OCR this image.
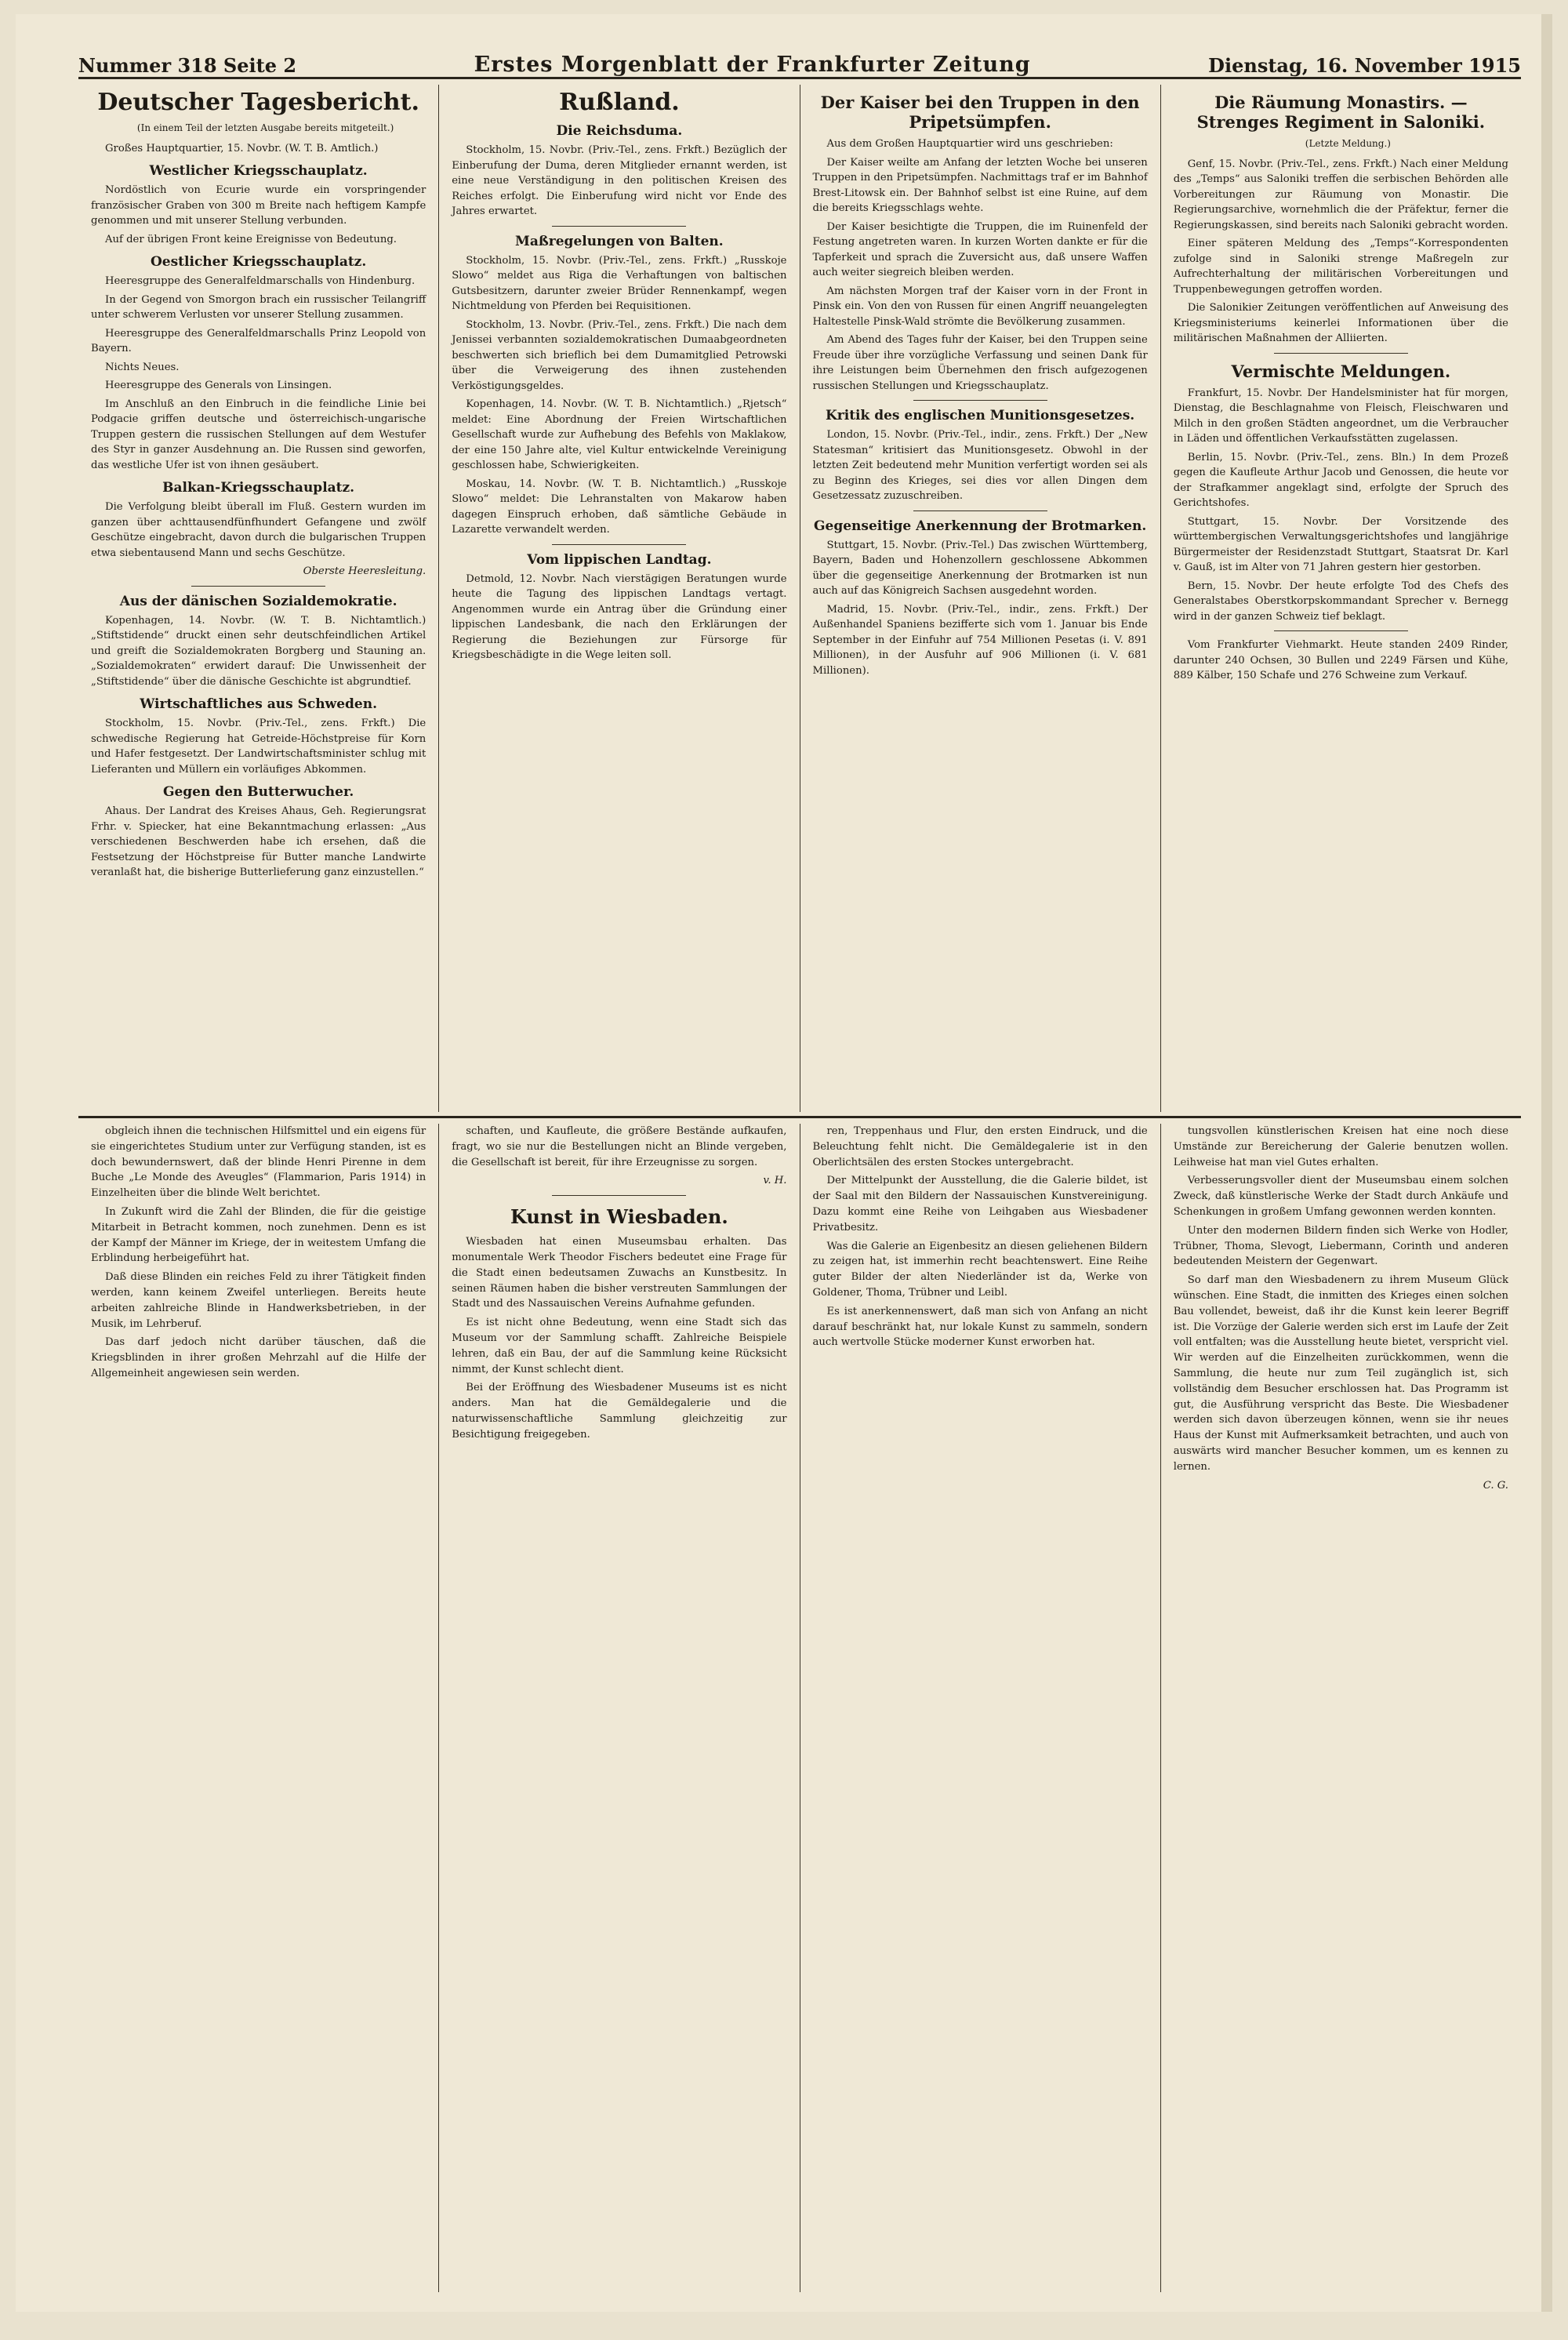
Nummer 318 Seite 2	Erstes Morgenblatt der Frankfurter Zeitung	Dienstag, 16. November 1915
Deutscher Tagesbericht.

(In einem Teil der letzten Ausgabe bereits mitgeteilt.)

Großes Hauptquartier, 15. Novbr. (W. T. B. Amtlich.)

Westlicher Kriegsschauplatz.

Nordöstlich von Ecurie wurde ein vorspringender französischer Graben von 300 m Breite nach heftigem Kampfe genommen und mit unserer Stellung verbunden.

Auf der übrigen Front keine Ereignisse von Bedeutung.

Oestlicher Kriegsschauplatz.

Heeresgruppe des Generalfeldmarschalls von Hindenburg.

In der Gegend von Smorgon brach ein russischer Teilangriff unter schwerem Verlusten vor unserer Stellung zusammen.

Heeresgruppe des Generalfeldmarschalls Prinz Leopold von Bayern.

Nichts Neues.

Heeresgruppe des Generals von Linsingen.

Im Anschluß an den Einbruch in die feindliche Linie bei Podgacie griffen deutsche und österreichisch-ungarische Truppen gestern die russischen Stellungen auf dem Westufer des Styr in ganzer Ausdehnung an. Die Russen sind geworfen, das westliche Ufer ist von ihnen gesäubert.

Balkan-Kriegsschauplatz.

Die Verfolgung bleibt überall im Fluß. Gestern wurden im ganzen über achttausendfünfhundert Gefangene und zwölf Geschütze eingebracht, davon durch die bulgarischen Truppen etwa siebentausend Mann und sechs Geschütze.

Oberste Heeresleitung.

Aus der dänischen Sozialdemokratie.

Kopenhagen, 14. Novbr. (W. T. B. Nichtamtlich.) „Stiftstidende“ druckt einen sehr deutschfeindlichen Artikel und greift die Sozialdemokraten Borgberg und Stauning an. „Sozialdemokraten“ erwidert darauf: Die Unwissenheit der „Stiftstidende“ über die dänische Geschichte ist abgrundtief.

Wirtschaftliches aus Schweden.

Stockholm, 15. Novbr. (Priv.-Tel., zens. Frkft.) Die schwedische Regierung hat Getreide-Höchstpreise für Korn und Hafer festgesetzt. Der Landwirtschaftsminister schlug mit Lieferanten und Müllern ein vorläufiges Abkommen.

Gegen den Butterwucher.

Ahaus. Der Landrat des Kreises Ahaus, Geh. Regierungsrat Frhr. v. Spiecker, hat eine Bekanntmachung erlassen: „Aus verschiedenen Beschwerden habe ich ersehen, daß die Festsetzung der Höchstpreise für Butter manche Landwirte veranlaßt hat, die bisherige Butterlieferung ganz einzustellen.“

Rußland.
Die Reichsduma.

Stockholm, 15. Novbr. (Priv.-Tel., zens. Frkft.) Bezüglich der Einberufung der Duma, deren Mitglieder ernannt werden, ist eine neue Verständigung in den politischen Kreisen des Reiches erfolgt. Die Einberufung wird nicht vor Ende des Jahres erwartet.

Maßregelungen von Balten.

Stockholm, 15. Novbr. (Priv.-Tel., zens. Frkft.) „Russkoje Slowo“ meldet aus Riga die Verhaftungen von baltischen Gutsbesitzern, darunter zweier Brüder Rennenkampf, wegen Nichtmeldung von Pferden bei Requisitionen.

Stockholm, 13. Novbr. (Priv.-Tel., zens. Frkft.) Die nach dem Jenissei verbannten sozialdemokratischen Dumaabgeordneten beschwerten sich brieflich bei dem Dumamitglied Petrowski über die Verweigerung des ihnen zustehenden Verköstigungsgeldes.

Kopenhagen, 14. Novbr. (W. T. B. Nichtamtlich.) „Rjetsch“ meldet: Eine Abordnung der Freien Wirtschaftlichen Gesellschaft wurde zur Aufhebung des Befehls von Maklakow, der eine 150 Jahre alte, viel Kultur entwickelnde Vereinigung geschlossen habe, Schwierigkeiten.

Moskau, 14. Novbr. (W. T. B. Nichtamtlich.) „Russkoje Slowo“ meldet: Die Lehranstalten von Makarow haben dagegen Einspruch erhoben, daß sämtliche Gebäude in Lazarette verwandelt werden.

Vom lippischen Landtag.

Detmold, 12. Novbr. Nach vierstägigen Beratungen wurde heute die Tagung des lippischen Landtags vertagt. Angenommen wurde ein Antrag über die Gründung einer lippischen Landesbank, die nach den Erklärungen der Regierung die Beziehungen zur Fürsorge für Kriegsbeschädigte in die Wege leiten soll.

Der Kaiser bei den Truppen in den Pripetsümpfen.

Aus dem Großen Hauptquartier wird uns geschrieben:

Der Kaiser weilte am Anfang der letzten Woche bei unseren Truppen in den Pripetsümpfen. Nachmittags traf er im Bahnhof Brest-Litowsk ein. Der Bahnhof selbst ist eine Ruine, auf dem die bereits Kriegsschlags wehte.

Der Kaiser besichtigte die Truppen, die im Ruinenfeld der Festung angetreten waren. In kurzen Worten dankte er für die Tapferkeit und sprach die Zuversicht aus, daß unsere Waffen auch weiter siegreich bleiben werden.

Am nächsten Morgen traf der Kaiser vorn in der Front in Pinsk ein. Von den von Russen für einen Angriff neuangelegten Haltestelle Pinsk-Wald strömte die Bevölkerung zusammen.

Am Abend des Tages fuhr der Kaiser, bei den Truppen seine Freude über ihre vorzügliche Verfassung und seinen Dank für ihre Leistungen beim Übernehmen den frisch aufgezogenen russischen Stellungen und Kriegsschauplatz.

Kritik des englischen Munitionsgesetzes.

London, 15. Novbr. (Priv.-Tel., indir., zens. Frkft.) Der „New Statesman“ kritisiert das Munitionsgesetz. Obwohl in der letzten Zeit bedeutend mehr Munition verfertigt worden sei als zu Beginn des Krieges, sei dies vor allen Dingen dem Gesetzessatz zuzuschreiben.

Gegenseitige Anerkennung der Brotmarken.

Stuttgart, 15. Novbr. (Priv.-Tel.) Das zwischen Württemberg, Bayern, Baden und Hohenzollern geschlossene Abkommen über die gegenseitige Anerkennung der Brotmarken ist nun auch auf das Königreich Sachsen ausgedehnt worden.

Madrid, 15. Novbr. (Priv.-Tel., indir., zens. Frkft.) Der Außenhandel Spaniens bezifferte sich vom 1. Januar bis Ende September in der Einfuhr auf 754 Millionen Pesetas (i. V. 891 Millionen), in der Ausfuhr auf 906 Millionen (i. V. 681 Millionen).

Die Räumung Monastirs. — Strenges Regiment in Saloniki.

(Letzte Meldung.)

Genf, 15. Novbr. (Priv.-Tel., zens. Frkft.) Nach einer Meldung des „Temps“ aus Saloniki treffen die serbischen Behörden alle Vorbereitungen zur Räumung von Monastir. Die Regierungsarchive, wornehmlich die der Präfektur, ferner die Regierungskassen, sind bereits nach Saloniki gebracht worden.

Einer späteren Meldung des „Temps“-Korrespondenten zufolge sind in Saloniki strenge Maßregeln zur Aufrechterhaltung der militärischen Vorbereitungen und Truppenbewegungen getroffen worden.

Die Salonikier Zeitungen veröffentlichen auf Anweisung des Kriegsministeriums keinerlei Informationen über die militärischen Maßnahmen der Alliierten.

Vermischte Meldungen.

Frankfurt, 15. Novbr. Der Handelsminister hat für morgen, Dienstag, die Beschlagnahme von Fleisch, Fleischwaren und Milch in den großen Städten angeordnet, um die Verbraucher in Läden und öffentlichen Verkaufsstätten zugelassen.

Berlin, 15. Novbr. (Priv.-Tel., zens. Bln.) In dem Prozeß gegen die Kaufleute Arthur Jacob und Genossen, die heute vor der Strafkammer angeklagt sind, erfolgte der Spruch des Gerichtshofes.

Stuttgart, 15. Novbr. Der Vorsitzende des württembergischen Verwaltungsgerichtshofes und langjährige Bürgermeister der Residenzstadt Stuttgart, Staatsrat Dr. Karl v. Gauß, ist im Alter von 71 Jahren gestern hier gestorben.

Bern, 15. Novbr. Der heute erfolgte Tod des Chefs des Generalstabes Oberstkorpskommandant Sprecher v. Bernegg wird in der ganzen Schweiz tief beklagt.

Vom Frankfurter Viehmarkt. Heute standen 2409 Rinder, darunter 240 Ochsen, 30 Bullen und 2249 Färsen und Kühe, 889 Kälber, 150 Schafe und 276 Schweine zum Verkauf.

obgleich ihnen die technischen Hilfsmittel und ein eigens für sie eingerichtetes Studium unter zur Verfügung standen, ist es doch bewundernswert, daß der blinde Henri Pirenne in dem Buche „Le Monde des Aveugles“ (Flammarion, Paris 1914) in Einzelheiten über die blinde Welt berichtet.

In Zukunft wird die Zahl der Blinden, die für die geistige Mitarbeit in Betracht kommen, noch zunehmen. Denn es ist der Kampf der Männer im Kriege, der in weitestem Umfang die Erblindung herbeigeführt hat.

Daß diese Blinden ein reiches Feld zu ihrer Tätigkeit finden werden, kann keinem Zweifel unterliegen. Bereits heute arbeiten zahlreiche Blinde in Handwerksbetrieben, in der Musik, im Lehrberuf.

Das darf jedoch nicht darüber täuschen, daß die Kriegsblinden in ihrer großen Mehrzahl auf die Hilfe der Allgemeinheit angewiesen sein werden.

schaften, und Kaufleute, die größere Bestände aufkaufen, fragt, wo sie nur die Bestellungen nicht an Blinde vergeben, die Gesellschaft ist bereit, für ihre Erzeugnisse zu sorgen.

v. H.

Kunst in Wiesbaden.

Wiesbaden hat einen Museumsbau erhalten. Das monumentale Werk Theodor Fischers bedeutet eine Frage für die Stadt einen bedeutsamen Zuwachs an Kunstbesitz. In seinen Räumen haben die bisher verstreuten Sammlungen der Stadt und des Nassauischen Vereins Aufnahme gefunden.

Es ist nicht ohne Bedeutung, wenn eine Stadt sich das Museum vor der Sammlung schafft. Zahlreiche Beispiele lehren, daß ein Bau, der auf die Sammlung keine Rücksicht nimmt, der Kunst schlecht dient.

Bei der Eröffnung des Wiesbadener Museums ist es nicht anders. Man hat die Gemäldegalerie und die naturwissenschaftliche Sammlung gleichzeitig zur Besichtigung freigegeben.

ren, Treppenhaus und Flur, den ersten Eindruck, und die Beleuchtung fehlt nicht. Die Gemäldegalerie ist in den Oberlichtsälen des ersten Stockes untergebracht.

Der Mittelpunkt der Ausstellung, die die Galerie bildet, ist der Saal mit den Bildern der Nassauischen Kunstvereinigung. Dazu kommt eine Reihe von Leihgaben aus Wiesbadener Privatbesitz.

Was die Galerie an Eigenbesitz an diesen geliehenen Bildern zu zeigen hat, ist immerhin recht beachtenswert. Eine Reihe guter Bilder der alten Niederländer ist da, Werke von Goldener, Thoma, Trübner und Leibl.

Es ist anerkennenswert, daß man sich von Anfang an nicht darauf beschränkt hat, nur lokale Kunst zu sammeln, sondern auch wertvolle Stücke moderner Kunst erworben hat.

tungsvollen künstlerischen Kreisen hat eine noch diese Umstände zur Bereicherung der Galerie benutzen wollen. Leihweise hat man viel Gutes erhalten.

Verbesserungsvoller dient der Museumsbau einem solchen Zweck, daß künstlerische Werke der Stadt durch Ankäufe und Schenkungen in großem Umfang gewonnen werden konnten.

Unter den modernen Bildern finden sich Werke von Hodler, Trübner, Thoma, Slevogt, Liebermann, Corinth und anderen bedeutenden Meistern der Gegenwart.

So darf man den Wiesbadenern zu ihrem Museum Glück wünschen. Eine Stadt, die inmitten des Krieges einen solchen Bau vollendet, beweist, daß ihr die Kunst kein leerer Begriff ist. Die Vorzüge der Galerie werden sich erst im Laufe der Zeit voll entfalten; was die Ausstellung heute bietet, verspricht viel. Wir werden auf die Einzelheiten zurückkommen, wenn die Sammlung, die heute nur zum Teil zugänglich ist, sich vollständig dem Besucher erschlossen hat. Das Programm ist gut, die Ausführung verspricht das Beste. Die Wiesbadener werden sich davon überzeugen können, wenn sie ihr neues Haus der Kunst mit Aufmerksamkeit betrachten, und auch von auswärts wird mancher Besucher kommen, um es kennen zu lernen.

C. G.
